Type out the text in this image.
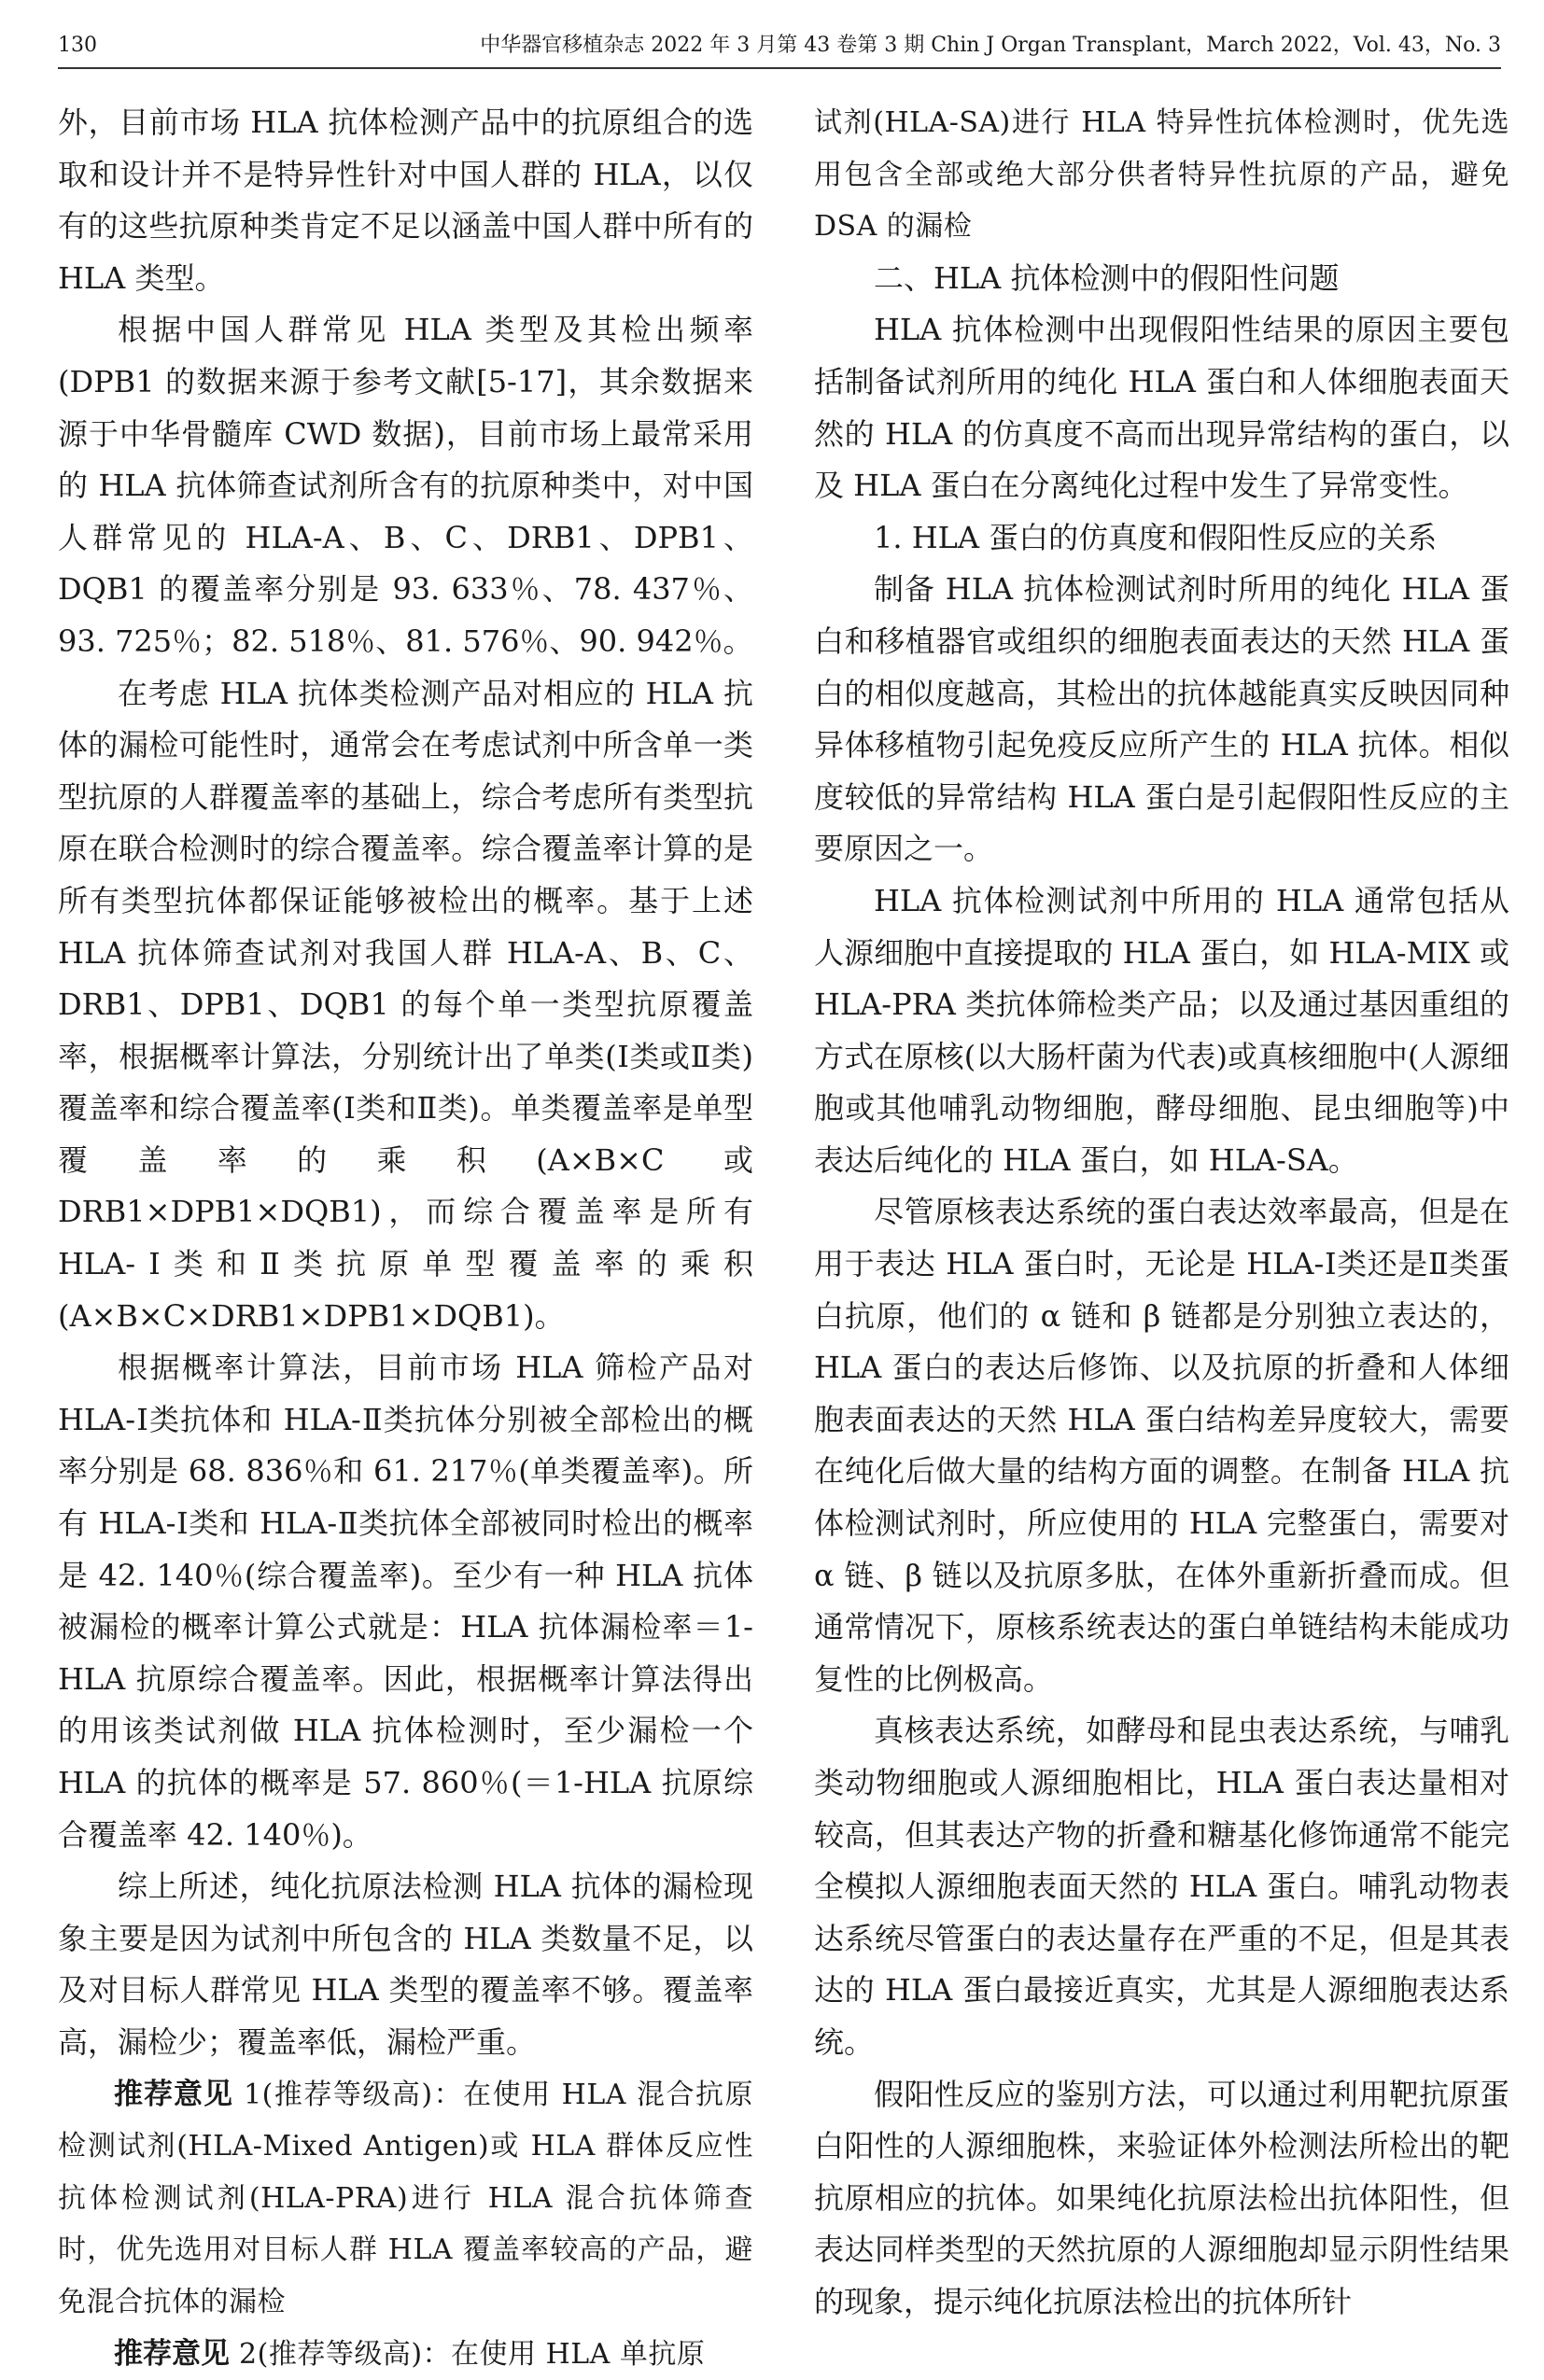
130	中华器官移植杂志 2022 年 3 月第 43 卷第 3 期 Chin J Organ Transplant，March 2022，Vol. 43，No. 3

外，目前市场 HLA 抗体检测产品中的抗原组合的选取和设计并不是特异性针对中国人群的 HLA，以仅有的这些抗原种类肯定不足以涵盖中国人群中所有的 HLA 类型。

根据中国人群常见 HLA 类型及其检出频率(DPB1 的数据来源于参考文献[5-17]，其余数据来源于中华骨髓库 CWD 数据)，目前市场上最常采用的 HLA 抗体筛查试剂所含有的抗原种类中，对中国人群常见的 HLA-A、B、C、DRB1、DPB1、DQB1 的覆盖率分别是 93. 633％、78. 437％、93. 725％；82. 518％、81. 576％、90. 942％。

在考虑 HLA 抗体类检测产品对相应的 HLA 抗体的漏检可能性时，通常会在考虑试剂中所含单一类型抗原的人群覆盖率的基础上，综合考虑所有类型抗原在联合检测时的综合覆盖率。综合覆盖率计算的是所有类型抗体都保证能够被检出的概率。基于上述 HLA 抗体筛查试剂对我国人群 HLA-A、B、C、DRB1、DPB1、DQB1 的每个单一类型抗原覆盖率，根据概率计算法，分别统计出了单类(Ⅰ类或Ⅱ类)覆盖率和综合覆盖率(Ⅰ类和Ⅱ类)。单类覆盖率是单型覆盖率的乘积(A×B×C 或 DRB1×DPB1×DQB1)，而综合覆盖率是所有 HLA-Ⅰ类和Ⅱ类抗原单型覆盖率的乘积(A×B×C×DRB1×DPB1×DQB1)。

根据概率计算法，目前市场 HLA 筛检产品对 HLA-Ⅰ类抗体和 HLA-Ⅱ类抗体分别被全部检出的概率分别是 68. 836％和 61. 217％(单类覆盖率)。所有 HLA-Ⅰ类和 HLA-Ⅱ类抗体全部被同时检出的概率是 42. 140％(综合覆盖率)。至少有一种 HLA 抗体被漏检的概率计算公式就是：HLA 抗体漏检率＝1-HLA 抗原综合覆盖率。因此，根据概率计算法得出的用该类试剂做 HLA 抗体检测时，至少漏检一个 HLA 的抗体的概率是 57. 860％(＝1-HLA 抗原综合覆盖率 42. 140％)。

综上所述，纯化抗原法检测 HLA 抗体的漏检现象主要是因为试剂中所包含的 HLA 类数量不足，以及对目标人群常见 HLA 类型的覆盖率不够。覆盖率高，漏检少；覆盖率低，漏检严重。

推荐意见 1(推荐等级高)：在使用 HLA 混合抗原检测试剂(HLA-Mixed Antigen)或 HLA 群体反应性抗体检测试剂(HLA-PRA)进行 HLA 混合抗体筛查时，优先选用对目标人群 HLA 覆盖率较高的产品，避免混合抗体的漏检

推荐意见 2(推荐等级高)：在使用 HLA 单抗原

试剂(HLA-SA)进行 HLA 特异性抗体检测时，优先选用包含全部或绝大部分供者特异性抗原的产品，避免 DSA 的漏检

二、HLA 抗体检测中的假阳性问题

HLA 抗体检测中出现假阳性结果的原因主要包括制备试剂所用的纯化 HLA 蛋白和人体细胞表面天然的 HLA 的仿真度不高而出现异常结构的蛋白，以及 HLA 蛋白在分离纯化过程中发生了异常变性。

1. HLA 蛋白的仿真度和假阳性反应的关系

制备 HLA 抗体检测试剂时所用的纯化 HLA 蛋白和移植器官或组织的细胞表面表达的天然 HLA 蛋白的相似度越高，其检出的抗体越能真实反映因同种异体移植物引起免疫反应所产生的 HLA 抗体。相似度较低的异常结构 HLA 蛋白是引起假阳性反应的主要原因之一。

HLA 抗体检测试剂中所用的 HLA 通常包括从人源细胞中直接提取的 HLA 蛋白，如 HLA-MIX 或 HLA-PRA 类抗体筛检类产品；以及通过基因重组的方式在原核(以大肠杆菌为代表)或真核细胞中(人源细胞或其他哺乳动物细胞，酵母细胞、昆虫细胞等)中表达后纯化的 HLA 蛋白，如 HLA-SA。

尽管原核表达系统的蛋白表达效率最高，但是在用于表达 HLA 蛋白时，无论是 HLA-Ⅰ类还是Ⅱ类蛋白抗原，他们的 α 链和 β 链都是分别独立表达的，HLA 蛋白的表达后修饰、以及抗原的折叠和人体细胞表面表达的天然 HLA 蛋白结构差异度较大，需要在纯化后做大量的结构方面的调整。在制备 HLA 抗体检测试剂时，所应使用的 HLA 完整蛋白，需要对 α 链、β 链以及抗原多肽，在体外重新折叠而成。但通常情况下，原核系统表达的蛋白单链结构未能成功复性的比例极高。

真核表达系统，如酵母和昆虫表达系统，与哺乳类动物细胞或人源细胞相比，HLA 蛋白表达量相对较高，但其表达产物的折叠和糖基化修饰通常不能完全模拟人源细胞表面天然的 HLA 蛋白。哺乳动物表达系统尽管蛋白的表达量存在严重的不足，但是其表达的 HLA 蛋白最接近真实，尤其是人源细胞表达系统。

假阳性反应的鉴别方法，可以通过利用靶抗原蛋白阳性的人源细胞株，来验证体外检测法所检出的靶抗原相应的抗体。如果纯化抗原法检出抗体阳性，但表达同样类型的天然抗原的人源细胞却显示阴性结果的现象，提示纯化抗原法检出的抗体所针
